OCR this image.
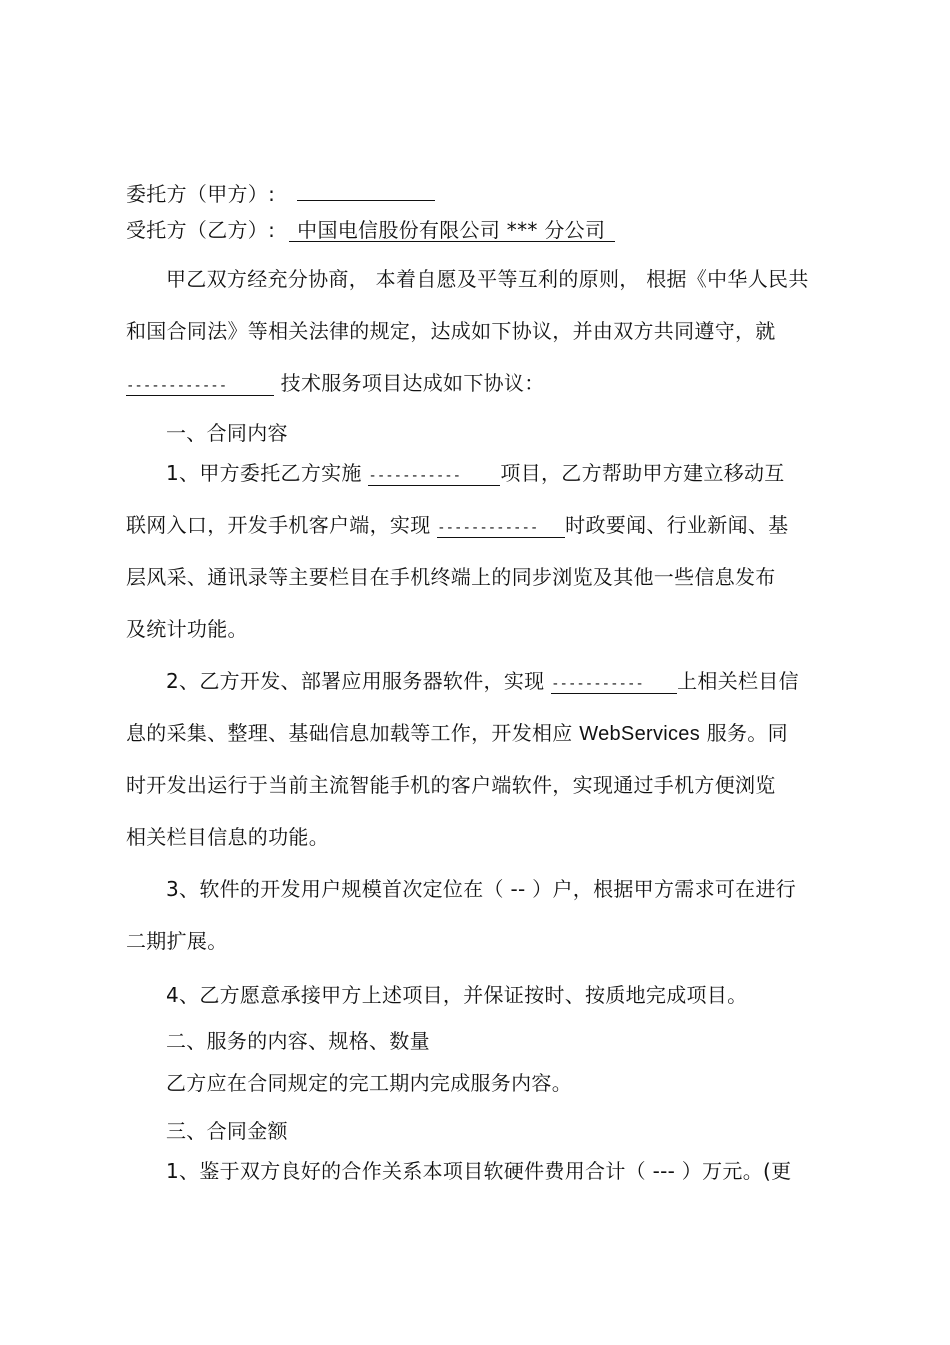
委托方（甲方）:
受托方（乙方）: 中国电信股份有限公司 *** 分公司
甲乙双方经充分协商， 本着自愿及平等互利的原则， 根据《中华人民共
和国合同法》等相关法律的规定，达成如下协议，并由双方共同遵守，就
------------ 技术服务项目达成如下协议：
一、合同内容
1、甲方委托乙方实施 ----------- 项目，乙方帮助甲方建立移动互
联网入口，开发手机客户端，实现 ------------ 时政要闻、行业新闻、基
层风采、通讯录等主要栏目在手机终端上的同步浏览及其他一些信息发布
及统计功能。
2、乙方开发、部署应用服务器软件，实现 ----------- 上相关栏目信
息的采集、整理、基础信息加载等工作，开发相应 WebServices 服务。同
时开发出运行于当前主流智能手机的客户端软件，实现通过手机方便浏览
相关栏目信息的功能。
3、软件的开发用户规模首次定位在（ -- ）户，根据甲方需求可在进行
二期扩展。
4、乙方愿意承接甲方上述项目，并保证按时、按质地完成项目。
二、服务的内容、规格、数量
乙方应在合同规定的完工期内完成服务内容。
三、合同金额
1、鉴于双方良好的合作关系本项目软硬件费用合计（ --- ）万元。(更
